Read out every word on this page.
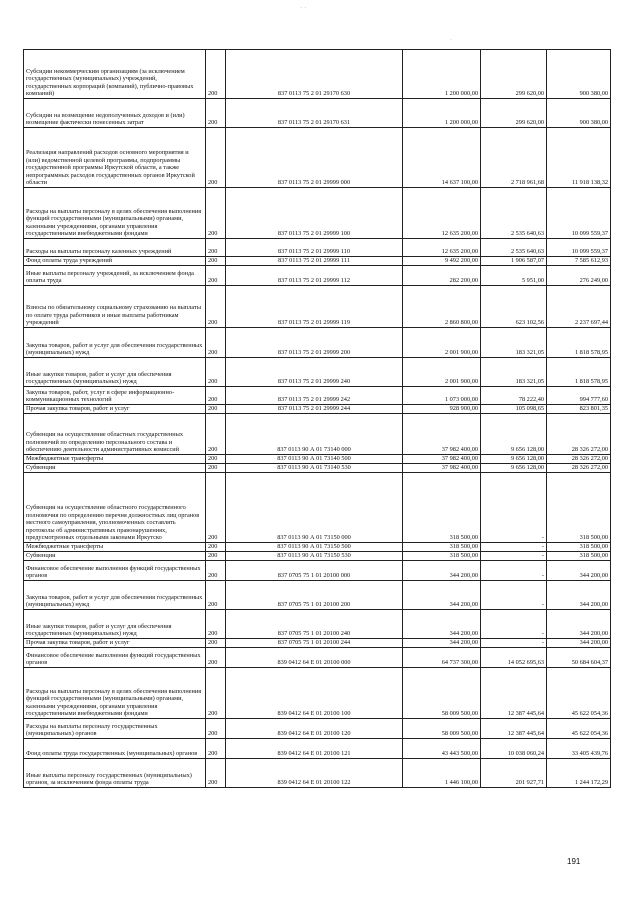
· ·
·
Субсидии некоммерческим организациям (за исключением государственных (муниципальных) учреждений, государственных корпораций (компаний), публично-правовых компаний)	200	837 0113 75 2 01 29170 630	1 200 000,00	299 620,00	900 380,00
Субсидии на возмещение недополученных доходов и (или) возмещение фактически понесенных затрат	200	837 0113 75 2 01 29170 631	1 200 000,00	299 620,00	900 380,00
Реализация направлений расходов основного мероприятия и (или) ведомственной целевой программы, подпрограммы государственной программы Иркутской области, а также непрограммных расходов государственных органов Иркутской области	200	837 0113 75 2 01 29999 000	14 637 100,00	2 718 961,68	11 918 138,32
Расходы на выплаты персоналу в целях обеспечения выполнения функций государственными (муниципальными) органами, казенными учреждениями, органами управления государственными внебюджетными фондами	200	837 0113 75 2 01 29999 100	12 635 200,00	2 535 640,63	10 099 559,37
Расходы на выплаты персоналу казенных учреждений	200	837 0113 75 2 01 29999 110	12 635 200,00	2 535 640,63	10 099 559,37
Фонд оплаты труда учреждений	200	837 0113 75 2 01 29999 111	9 492 200,00	1 906 587,07	7 585 612,93
Иные выплаты персоналу учреждений, за исключением фонда оплаты труда	200	837 0113 75 2 01 29999 112	282 200,00	5 951,00	276 249,00
Взносы по обязательному социальному страхованию на выплаты по оплате труда работников и иные выплаты работникам учреждений	200	837 0113 75 2 01 29999 119	2 860 800,00	623 102,56	2 237 697,44
Закупка товаров, работ и услуг для обеспечения государственных (муниципальных) нужд	200	837 0113 75 2 01 29999 200	2 001 900,00	183 321,05	1 818 578,95
Иные закупки товаров, работ и услуг для обеспечения государственных (муниципальных) нужд	200	837 0113 75 2 01 29999 240	2 001 900,00	183 321,05	1 818 578,95
Закупка товаров, работ, услуг в сфере информационно-коммуникационных технологий	200	837 0113 75 2 01 29999 242	1 073 000,00	78 222,40	994 777,60
Прочая закупка товаров, работ и услуг	200	837 0113 75 2 01 29999 244	928 900,00	105 098,65	823 801,35
Субвенции на осуществление областных государственных полномочий по определению персонального состава и обеспечению деятельности административных комиссий	200	837 0113 90 А 01 73140 000	37 982 400,00	9 656 128,00	28 326 272,00
Межбюджетные трансферты	200	837 0113 90 А 01 73140 500	37 982 400,00	9 656 128,00	28 326 272,00
Субвенции	200	837 0113 90 А 01 73140 530	37 982 400,00	9 656 128,00	28 326 272,00
Субвенции на осуществление областного государственного полномочия по определению перечня должностных лиц органов местного самоуправления, уполномоченных составлять протоколы об административных правонарушениях, предусмотренных отдельными законами Иркутско	200	837 0113 90 А 01 73150 000	318 500,00	-	318 500,00
Межбюджетные трансферты	200	837 0113 90 А 01 73150 500	318 500,00	-	318 500,00
Субвенции	200	837 0113 90 А 01 73150 530	318 500,00	-	318 500,00
Финансовое обеспечение выполнения функций государственных органов	200	837 0705 75 1 01 20100 000	344 200,00	-	344 200,00
Закупка товаров, работ и услуг для обеспечения государственных (муниципальных) нужд	200	837 0705 75 1 01 20100 200	344 200,00	-	344 200,00
Иные закупки товаров, работ и услуг для обеспечения государственных (муниципальных) нужд	200	837 0705 75 1 01 20100 240	344 200,00	-	344 200,00
Прочая закупка товаров, работ и услуг	200	837 0705 75 1 01 20100 244	344 200,00	-	344 200,00
Финансовое обеспечение выполнения функций государственных органов	200	839 0412 64 Е 01 20100 000	64 737 300,00	14 052 695,63	50 684 604,37
Расходы на выплаты персоналу в целях обеспечения выполнения функций государственными (муниципальными) органами, казенными учреждениями, органами управления государственными внебюджетными фондами	200	839 0412 64 Е 01 20100 100	58 009 500,00	12 387 445,64	45 622 054,36
Расходы на выплаты персоналу государственных (муниципальных) органов	200	839 0412 64 Е 01 20100 120	58 009 500,00	12 387 445,64	45 622 054,36
Фонд оплаты труда государственных (муниципальных) органов	200	839 0412 64 Е 01 20100 121	43 443 500,00	10 038 060,24	33 405 439,76
Иные выплаты персоналу государственных (муниципальных) органов, за исключением фонда оплаты труда	200	839 0412 64 Е 01 20100 122	1 446 100,00	201 927,71	1 244 172,29
191
